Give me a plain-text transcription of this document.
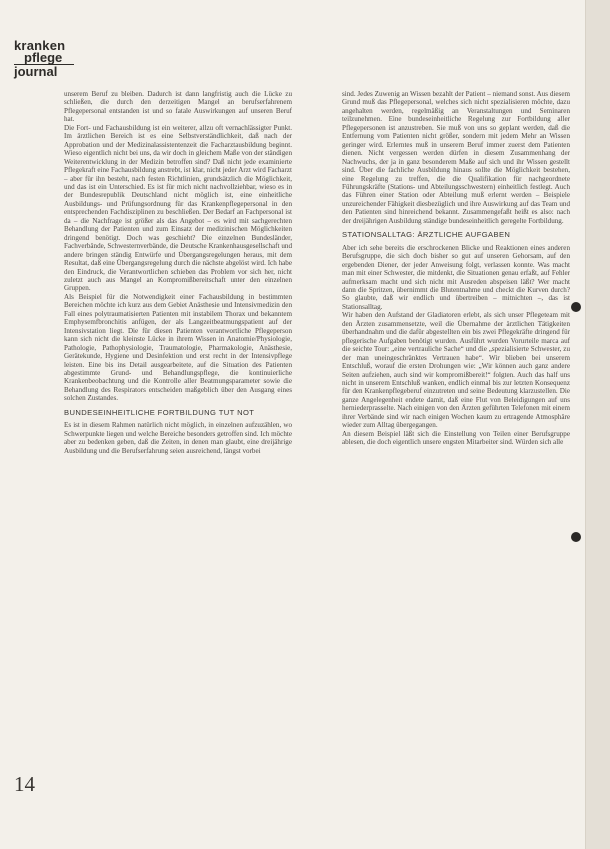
kranken
pflege
journal

unserem Beruf zu bleiben. Dadurch ist dann langfristig auch die Lücke zu schließen, die durch den derzeitigen Mangel an berufserfahrenem Pflegepersonal entstanden ist und so fatale Auswirkungen auf unseren Beruf hat.

Die Fort- und Fachausbildung ist ein weiterer, allzu oft vernachlässigter Punkt. Im ärztlichen Bereich ist es eine Selbstverständlichkeit, daß nach der Approbation und der Medizinalassistentenzeit die Facharztausbildung beginnt. Wieso eigentlich nicht bei uns, da wir doch in gleichem Maße von der ständigen Weiterentwicklung in der Medizin betroffen sind? Daß nicht jede examinierte Pflegekraft eine Fachausbildung anstrebt, ist klar, nicht jeder Arzt wird Facharzt – aber für ihn besteht, nach festen Richtlinien, grundsätzlich die Möglichkeit, und das ist ein Unterschied. Es ist für mich nicht nachvollziehbar, wieso es in der Bundesrepublik Deutschland nicht möglich ist, eine einheitliche Ausbildungs- und Prüfungsordnung für das Krankenpflegepersonal in den entsprechenden Fachdisziplinen zu beschließen. Der Bedarf an Fachpersonal ist da – die Nachfrage ist größer als das Angebot – es wird mit sachgerechten Behandlung der Patienten und zum Einsatz der medizinischen Möglichkeiten dringend benötigt. Doch was geschieht? Die einzelnen Bundesländer, Fachverbände, Schwesternverbände, die Deutsche Krankenhausgesellschaft und andere bringen ständig Entwürfe und Übergangsregelungen heraus, mit dem Resultat, daß eine Übergangsregelung durch die nächste abgelöst wird. Ich habe den Eindruck, die Verantwortlichen schieben das Problem vor sich her, nicht zuletzt auch aus Mangel an Kompromißbereitschaft unter den einzelnen Gruppen.

Als Beispiel für die Notwendigkeit einer Fachausbildung in bestimmten Bereichen möchte ich kurz aus dem Gebiet Anästhesie und Intensivmedizin den Fall eines polytraumatisierten Patienten mit instabilem Thorax und bekanntem Emphysemfbronchitis anfügen, der als Langzeitbeatmungspatient auf der Intensivstation liegt. Die für diesen Patienten verantwortliche Pflegeperson kann sich nicht die kleinste Lücke in ihrem Wissen in Anatomie/Physiologie, Pathologie, Pathophysiologie, Traumatologie, Pharmakologie, Anästhesie, Gerätekunde, Hygiene und Desinfektion und erst recht in der Intensivpflege leisten. Eine bis ins Detail ausgearbeitete, auf die Situation des Patienten abgestimmte Grund- und Behandlungspflege, die kontinuierliche Krankenbeobachtung und die Kontrolle aller Beatmungsparameter sowie die Behandlung des Respirators entscheiden maßgeblich über den Ausgang eines solchen Zustandes.

BUNDESEINHEITLICHE FORTBILDUNG TUT NOT

Es ist in diesem Rahmen natürlich nicht möglich, in einzelnen aufzuzählen, wo Schwerpunkte liegen und welche Bereiche besonders getroffen sind. Ich möchte aber zu bedenken geben, daß die Zeiten, in denen man glaubt, eine dreijährige Ausbildung und die Berufserfahrung seien ausreichend, längst vorbei

sind. Jedes Zuwenig an Wissen bezahlt der Patient – niemand sonst. Aus diesem Grund muß das Pflegepersonal, welches sich nicht spezialisieren möchte, dazu angehalten werden, regelmäßig an Veranstaltungen und Seminaren teilzunehmen. Eine bundeseinheitliche Regelung zur Fortbildung aller Pflegepersonen ist anzustreben. Sie muß von uns so geplant werden, daß die Entfernung vom Patienten nicht größer, sondern mit jedem Mehr an Wissen geringer wird. Erlerntes muß in unserem Beruf immer zuerst dem Patienten dienen. Nicht vergessen werden dürfen in diesem Zusammenhang der Nachwuchs, der ja in ganz besonderem Maße auf sich und ihr Wissen gestellt sind. Über die fachliche Ausbildung hinaus sollte die Möglichkeit bestehen, eine Regelung zu treffen, die die Qualifikation für nachgeordnete Führungskräfte (Stations- und Abteilungsschwestern) einheitlich festlegt. Auch das Führen einer Station oder Abteilung muß erlernt werden – Beispiele unzureichender Fähigkeit diesbezüglich und ihre Auswirkung auf das Team und den Patienten sind hinreichend bekannt. Zusammengefaßt heißt es also: nach der dreijährigen Ausbildung ständige bundeseinheitlich geregelte Fortbildung.

STATIONSALLTAG: ÄRZTLICHE AUFGABEN

Aber ich sehe bereits die erschrockenen Blicke und Reaktionen eines anderen Berufsgruppe, die sich doch bisher so gut auf unseren Gehorsam, auf den ergebenden Diener, der jeder Anweisung folgt, verlassen konnte. Was macht man mit einer Schwester, die mitdenkt, die Situationen genau erfaßt, auf Fehler aufmerksam macht und sich nicht mit Ausreden abspeisen läßt? Wer macht dann die Spritzen, übernimmt die Blutentnahme und checkt die Kurven durch? So glaubte, daß wir endlich und übertreiben – mitnichten –, das ist Stationsalltag.

Wir haben den Aufstand der Gladiatoren erlebt, als sich unser Pflegeteam mit den Ärzten zusammensetzte, weil die Übernahme der ärztlichen Tätigkeiten überhandnahm und die dafür abgestellten ein bis zwei Pflegekräfte dringend für pflegerische Aufgaben benötigt wurden. Ausführt wurden Vorurteile marca auf die seichte Tour: „eine vertrauliche Sache“ und die „spezialisierte Schwester, zu der man uneingeschränktes Vertrauen habe“. Wir blieben bei unserem Entschluß, worauf die ersten Drohungen wie: „Wir können auch ganz andere Seiten aufziehen, auch sind wir kompromißbereit!“ folgten. Auch das half uns nicht in unserem Entschluß wanken, endlich einmal bis zur letzten Konsequenz für den Krankenpflegeberuf einzutreten und seine Bedeutung klarzustellen. Die ganze Angelegenheit endete damit, daß eine Flut von Beleidigungen auf uns herniederprasselte. Nach einigen von den Ärzten geführten Telefonen mit einem ihrer Verbände sind wir nach einigen Wochen kaum zu ertragende Atmosphäre wieder zum Alltag übergegangen.

An diesem Beispiel läßt sich die Einstellung von Teilen einer Berufsgruppe ablesen, die doch eigentlich unsere engsten Mitarbeiter sind. Würden sich alle

14
